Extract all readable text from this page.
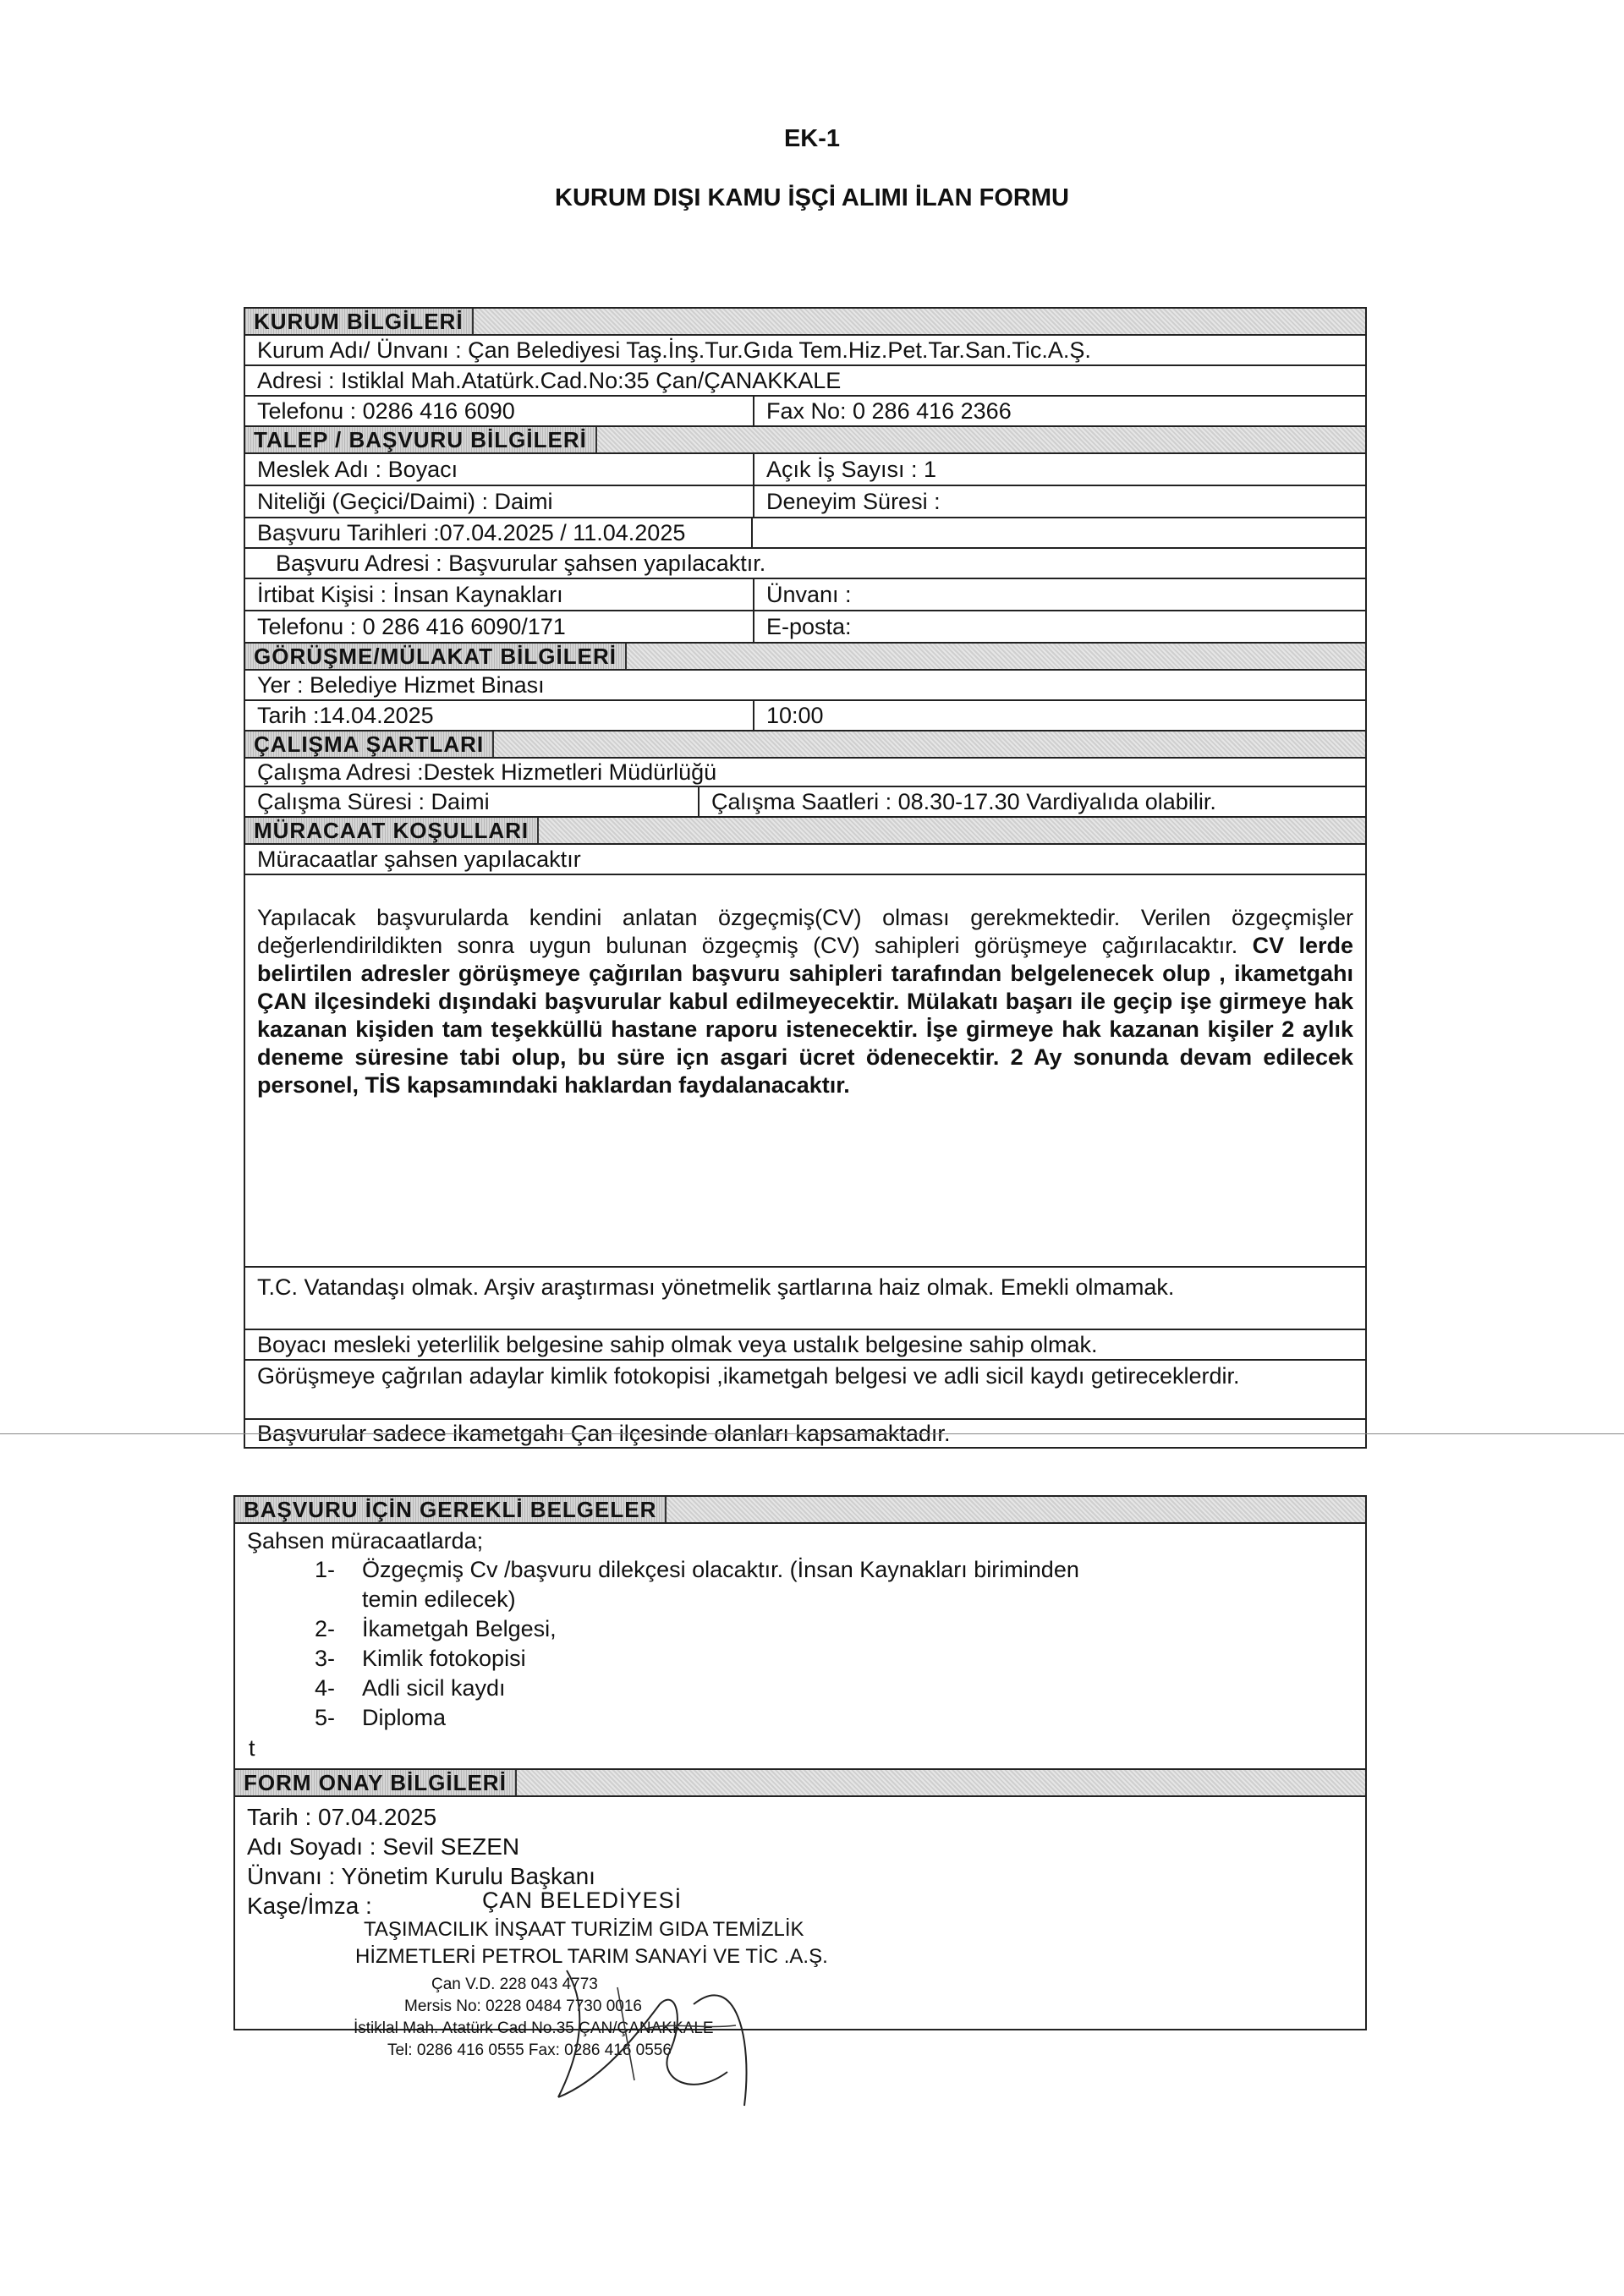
EK-1
KURUM DIŞI KAMU İŞÇİ ALIMI İLAN FORMU
KURUM BİLGİLERİ
Kurum Adı/ Ünvanı : Çan Belediyesi Taş.İnş.Tur.Gıda Tem.Hiz.Pet.Tar.San.Tic.A.Ş.
Adresi : Istiklal Mah.Atatürk.Cad.No:35 Çan/ÇANAKKALE
Telefonu : 0286 416 6090	Fax No: 0 286 416 2366
TALEP / BAŞVURU BİLGİLERİ
Meslek Adı : Boyacı	Açık İş Sayısı : 1
Niteliği (Geçici/Daimi) : Daimi	Deneyim Süresi :
Başvuru Tarihleri :07.04.2025 / 11.04.2025
Başvuru Adresi : Başvurular şahsen yapılacaktır.
İrtibat Kişisi : İnsan Kaynakları	Ünvanı :
Telefonu : 0 286 416 6090/171	E-posta:
GÖRÜŞME/MÜLAKAT BİLGİLERİ
Yer : Belediye Hizmet Binası
Tarih :14.04.2025	10:00
ÇALIŞMA ŞARTLARI
Çalışma Adresi :Destek Hizmetleri Müdürlüğü
Çalışma Süresi : Daimi	Çalışma Saatleri : 08.30-17.30 Vardiyalıda olabilir.
MÜRACAAT KOŞULLARI
Müracaatlar şahsen yapılacaktır
Yapılacak başvurularda kendini anlatan özgeçmiş(CV) olması gerekmektedir. Verilen özgeçmişler değerlendirildikten sonra uygun bulunan özgeçmiş (CV) sahipleri görüşmeye çağırılacaktır. CV lerde belirtilen adresler görüşmeye çağırılan başvuru sahipleri tarafından belgelenecek olup , ikametgahı ÇAN ilçesindeki dışındaki başvurular kabul edilmeyecektir. Mülakatı başarı ile geçip işe girmeye hak kazanan kişiden tam teşekküllü hastane raporu istenecektir. İşe girmeye hak kazanan kişiler 2 aylık deneme süresine tabi olup, bu süre içn asgari ücret ödenecektir. 2 Ay sonunda devam edilecek personel, TİS kapsamındaki haklardan faydalanacaktır.
T.C. Vatandaşı olmak. Arşiv araştırması yönetmelik şartlarına haiz olmak. Emekli olmamak.
Boyacı mesleki yeterlilik belgesine sahip olmak veya ustalık belgesine sahip olmak.
Görüşmeye çağrılan adaylar kimlik fotokopisi ,ikametgah belgesi ve adli sicil kaydı getireceklerdir.
Başvurular sadece ikametgahı Çan ilçesinde olanları kapsamaktadır.
BAŞVURU İÇİN GEREKLİ BELGELER
Şahsen müracaatlarda;
1- Özgeçmiş Cv /başvuru dilekçesi olacaktır. (İnsan Kaynakları biriminden temin edilecek)
2- İkametgah Belgesi,
3- Kimlik fotokopisi
4- Adli sicil kaydı
5- Diploma
t
FORM ONAY BİLGİLERİ
Tarih : 07.04.2025
Adı Soyadı : Sevil SEZEN
Ünvanı : Yönetim Kurulu Başkanı
Kaşe/İmza :	ÇAN BELEDİYESİ
TAŞIMACILIK İNŞAAT TURİZİM GIDA TEMİZLİK
HİZMETLERİ PETROL TARIM SANAYİ VE TİC .A.Ş.
Çan V.D. 228 043 4773
Mersis No: 0228 0484 7730 0016
İstiklal Mah. Atatürk Cad No.35 ÇAN/ÇANAKKALE
Tel: 0286 416 0555 Fax: 0286 416 0556
